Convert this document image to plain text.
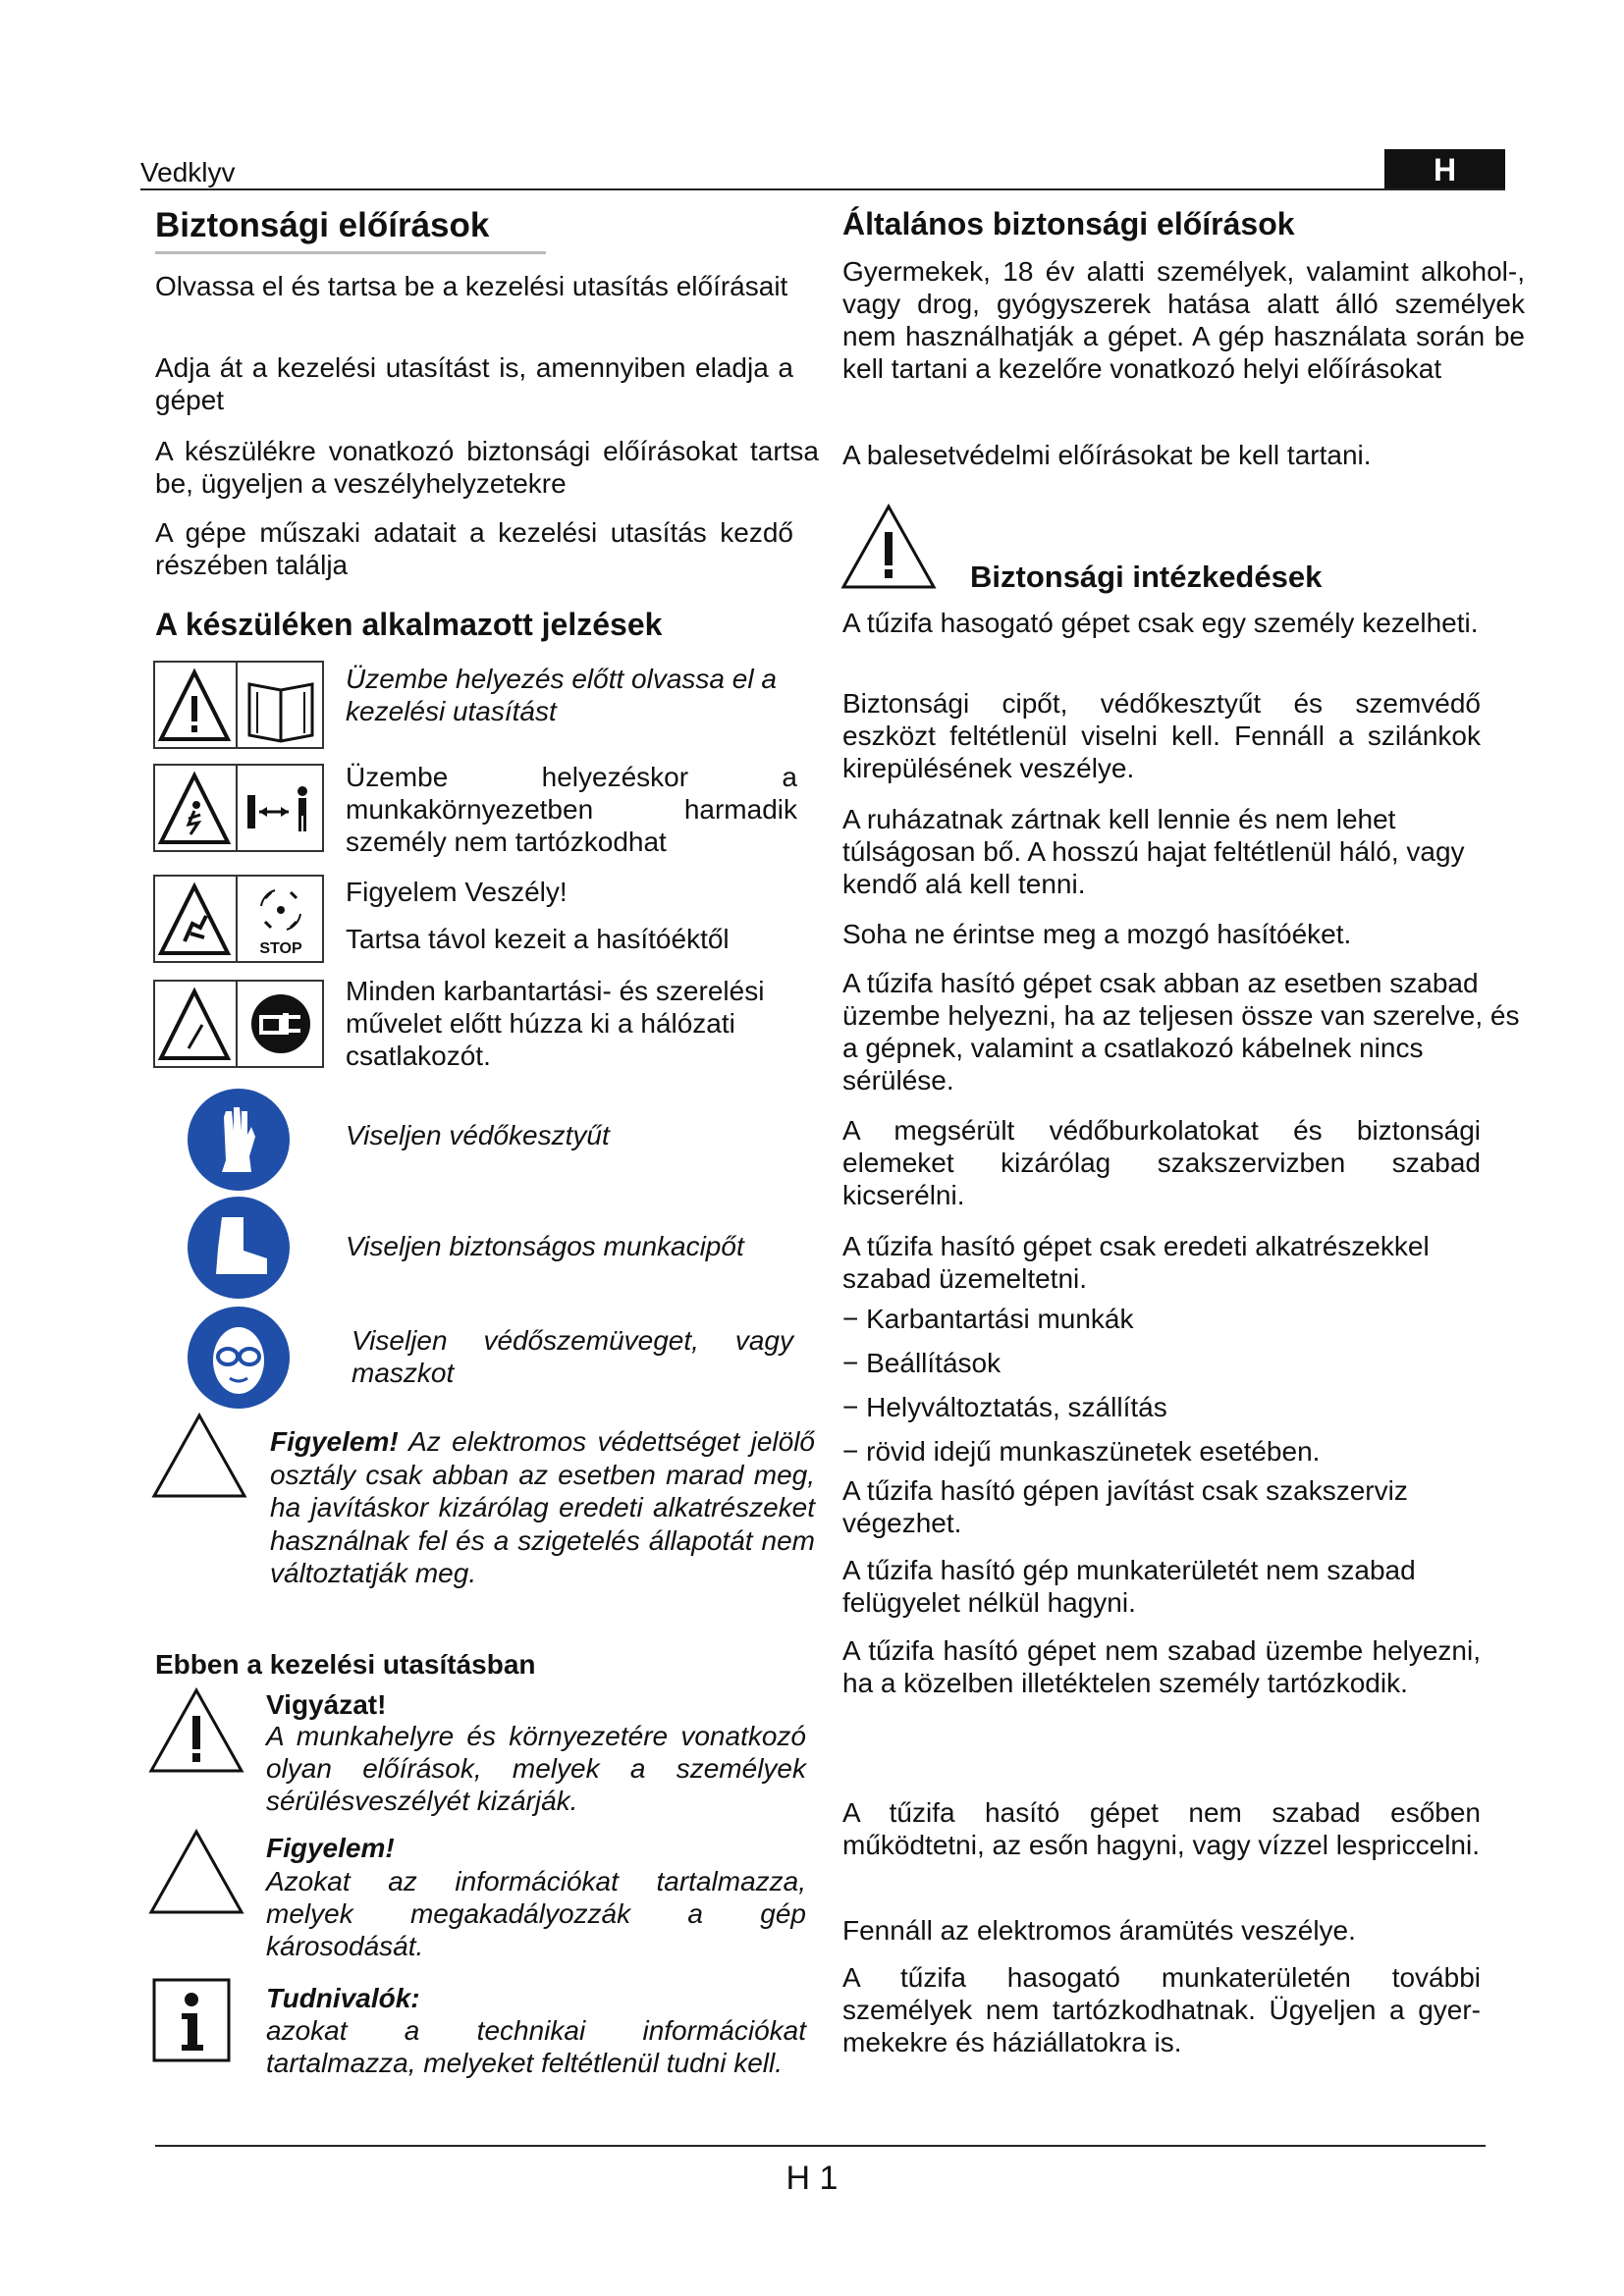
Vedklyv	H
Biztonsági előírások
Olvassa el és tartsa be a kezelési utasítás előírásait
Adja át a kezelési utasítást is, amennyiben eladja a gépet
A készülékre vonatkozó biztonsági előírásokat tartsa be, ügyeljen a veszélyhelyzetekre
A gépe műszaki adatait a kezelési utasítás kezdő részében találja
A készüléken alkalmazott jelzések
Üzembe helyezés előtt olvassa el a kezelési utasítást
Üzembe helyezéskor a munkakörnyezetben harmadik személy nem tartózkodhat
STOP
Figyelem Veszély!
Tartsa távol kezeit a hasítóéktől
Minden karbantartási- és szerelési művelet előtt húzza ki a hálózati csatlakozót.
Viseljen védőkesztyűt
Viseljen biztonságos munkacipőt
Viseljen védőszemüveget, vagy maszkot
Figyelem! Az elektromos védettséget jelölő osztály csak abban az esetben marad meg, ha javításkor kizárólag eredeti alkatrészeket használnak fel és a szigetelés állapotát nem változtatják meg.
Ebben a kezelési utasításban
Vigyázat!
A munkahelyre és környezetére vonatkozó olyan előírások, melyek a személyek sérülésveszélyét kizárják.
Figyelem!
Azokat az információkat tartalmazza, melyek megakadályozzák a gép károsodását.
Tudnivalók:
azokat a technikai információkat tartalmazza, melyeket feltétlenül tudni kell.
Általános biztonsági előírások
Gyermekek, 18 év alatti személyek, valamint alkohol-, vagy drog, gyógyszerek hatása alatt álló személyek nem használhatják a gépet. A gép használata során be kell tartani a kezelőre vonatkozó helyi előírásokat
A balesetvédelmi előírásokat be kell tartani.
Biztonsági intézkedések
A tűzifa hasogató gépet csak egy személy kezelheti.
Biztonsági cipőt, védőkesztyűt és szemvédő eszközt feltétlenül viselni kell. Fennáll a szilánkok kirepülésének veszélye.
A ruházatnak zártnak kell lennie és nem lehet túlságosan bő. A hosszú hajat feltétlenül háló, vagy kendő alá kell tenni.
Soha ne érintse meg a mozgó hasítóéket.
A tűzifa hasító gépet csak abban az esetben szabad üzembe helyezni, ha az teljesen össze van szerelve, és a gépnek, valamint a csatlakozó kábelnek nincs sérülése.
A megsérült védőburkolatokat és biztonsági elemeket kizárólag szakszervizben szabad kicserélni.
A tűzifa hasító gépet csak eredeti alkatrészekkel szabad üzemeltetni.
− Karbantartási munkák
− Beállítások
− Helyváltoztatás, szállítás
− rövid idejű munkaszünetek esetében.
A tűzifa hasító gépen javítást csak szakszerviz végezhet.
A tűzifa hasító gép munkaterületét nem szabad felügyelet nélkül hagyni.
A tűzifa hasító gépet nem szabad üzembe helyezni, ha a közelben illetéktelen személy tartózkodik.
A tűzifa hasító gépet nem szabad esőben működtetni, az esőn hagyni, vagy vízzel lespriccelni.
Fennáll az elektromos áramütés veszélye.
A tűzifa hasogató munkaterületén további személyek nem tartózkodhatnak. Ügyeljen a gyer-mekekre és háziállatokra is.
H 1
